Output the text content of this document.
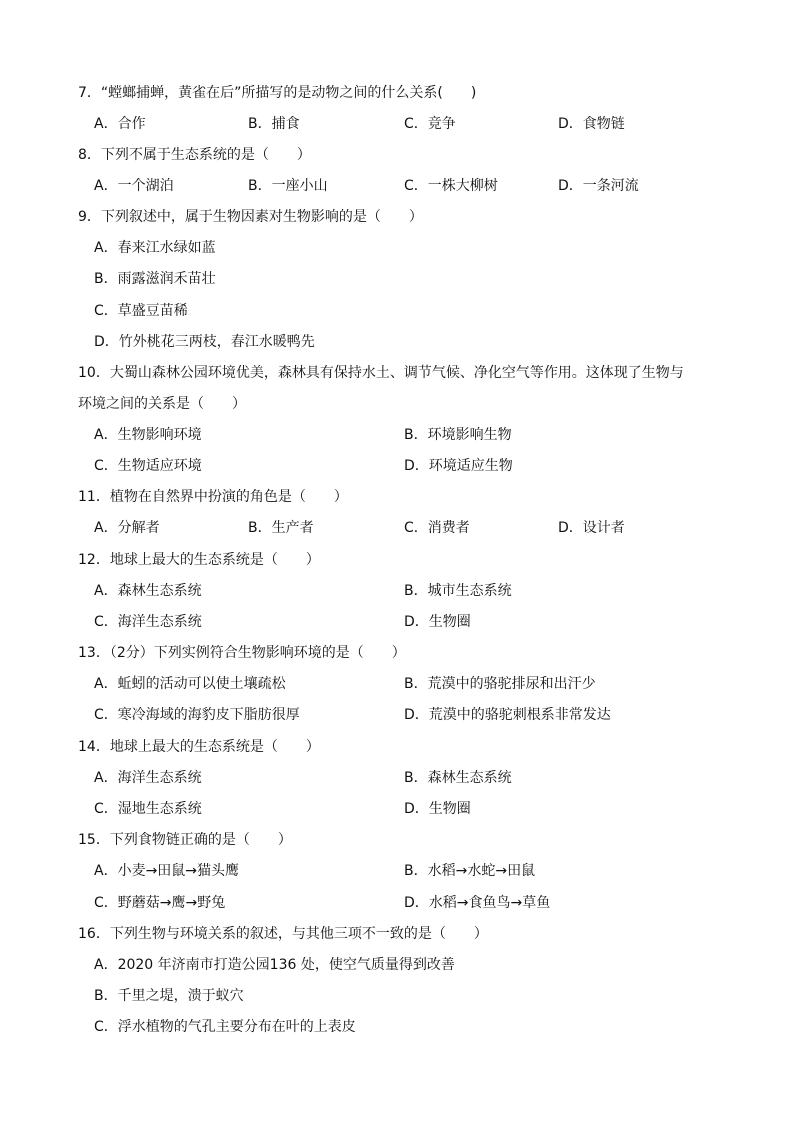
7．“螳螂捕蝉，黄雀在后”所描写的是动物之间的什么关系(　　)
A．合作	B．捕食	C．竞争	D．食物链
8．下列不属于生态系统的是（　　）
A．一个湖泊	B．一座小山	C．一株大柳树	D．一条河流
9．下列叙述中，属于生物因素对生物影响的是（　　）
A．春来江水绿如蓝
B．雨露滋润禾苗壮
C．草盛豆苗稀
D．竹外桃花三两枝，春江水暖鸭先
10．大蜀山森林公园环境优美，森林具有保持水土、调节气候、净化空气等作用。这体现了生物与
环境之间的关系是（　　）
A．生物影响环境	B．环境影响生物
C．生物适应环境	D．环境适应生物
11．植物在自然界中扮演的角色是（　　）
A．分解者	B．生产者	C．消费者	D．设计者
12．地球上最大的生态系统是（　　）
A．森林生态系统	B．城市生态系统
C．海洋生态系统	D．生物圈
13．（2分）下列实例符合生物影响环境的是（　　）
A．蚯蚓的活动可以使土壤疏松	B．荒漠中的骆驼排尿和出汗少
C．寒冷海域的海豹皮下脂肪很厚	D．荒漠中的骆驼刺根系非常发达
14．地球上最大的生态系统是（　　）
A．海洋生态系统	B．森林生态系统
C．湿地生态系统	D．生物圈
15．下列食物链正确的是（　　）
A．小麦→田鼠→猫头鹰	B．水稻→水蛇→田鼠
C．野蘑菇→鹰→野兔	D．水稻→食鱼鸟→草鱼
16．下列生物与环境关系的叙述，与其他三项不一致的是（　　）
A．2020 年济南市打造公园136 处，使空气质量得到改善
B．千里之堤，溃于蚁穴
C．浮水植物的气孔主要分布在叶的上表皮
